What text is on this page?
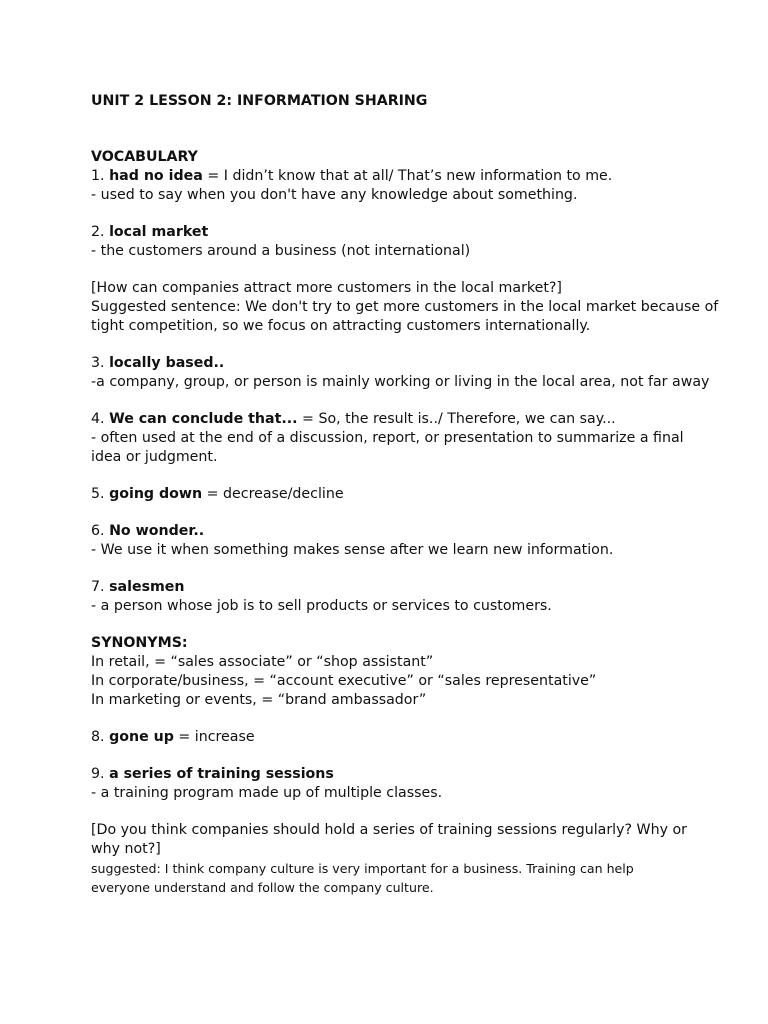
UNIT 2 LESSON 2: INFORMATION SHARING
VOCABULARY
1. had no idea = I didn’t know that at all/ That’s new information to me.
- used to say when you don't have any knowledge about something.
2. local market
- the customers around a business (not international)
[How can companies attract more customers in the local market?]
Suggested sentence: We don't try to get more customers in the local market because of
tight competition, so we focus on attracting customers internationally.
3. locally based..
-a company, group, or person is mainly working or living in the local area, not far away
4. We can conclude that... = So, the result is../ Therefore, we can say...
- often used at the end of a discussion, report, or presentation to summarize a final
idea or judgment.
5. going down = decrease/decline
6. No wonder..
- We use it when something makes sense after we learn new information.
7. salesmen
- a person whose job is to sell products or services to customers.
SYNONYMS:
In retail, = “sales associate” or “shop assistant”
In corporate/business, = “account executive” or “sales representative”
In marketing or events, = “brand ambassador”
8. gone up = increase
9. a series of training sessions
- a training program made up of multiple classes.
[Do you think companies should hold a series of training sessions regularly? Why or
why not?]
suggested: I think company culture is very important for a business. Training can help
everyone understand and follow the company culture.
